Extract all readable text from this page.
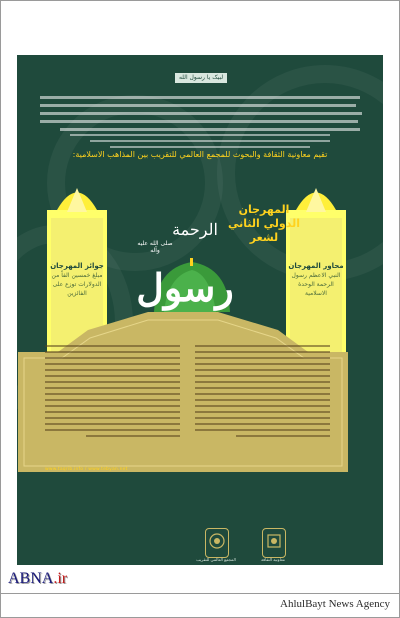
لبیک یا رسول الله
تقیم معاونیة الثقافة والبحوث للمجمع العالمي للتقریب بین المذاهب الاسلامیة:
جوائز المهرجان
مبلغ خمسین الفاً من الدولارات توزع على الفائزين
محاور المهرجان
النبي الاعظم رسول الرحمة الوحدة الاسلامية
المهرجان الدولي الثاني لشعر
الرحمة
صلى الله عليه وآله
رسول
www.taqrib.info / www.tebyan.net
المجمع العالمي للتقريب	معاونية الثقافة
ABNA.ir
AhlulBayt News Agency
